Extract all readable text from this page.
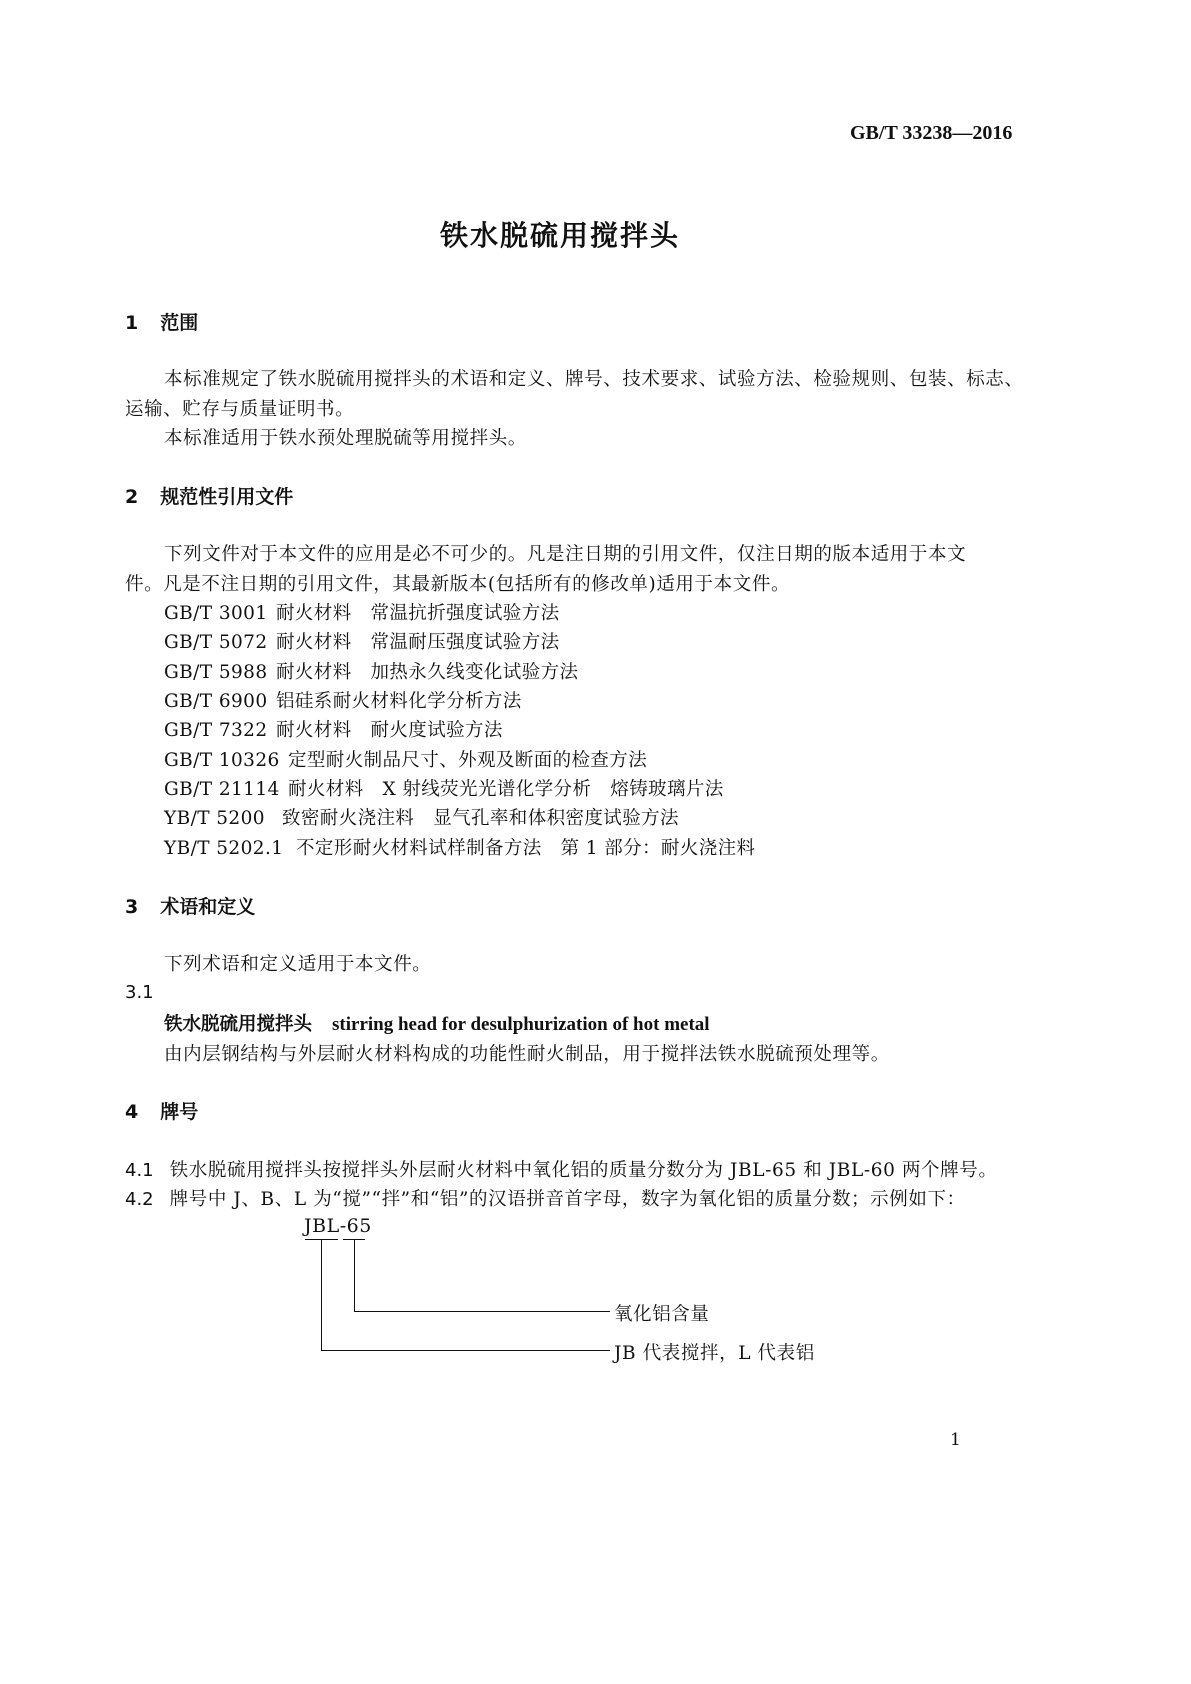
GB/T 33238—2016
铁水脱硫用搅拌头
1 范围
本标准规定了铁水脱硫用搅拌头的术语和定义、牌号、技术要求、试验方法、检验规则、包装、标志、
运输、贮存与质量证明书。
本标准适用于铁水预处理脱硫等用搅拌头。
2 规范性引用文件
下列文件对于本文件的应用是必不可少的。凡是注日期的引用文件，仅注日期的版本适用于本文
件。凡是不注日期的引用文件，其最新版本(包括所有的修改单)适用于本文件。
GB/T 3001 耐火材料　常温抗折强度试验方法
GB/T 5072 耐火材料　常温耐压强度试验方法
GB/T 5988 耐火材料　加热永久线变化试验方法
GB/T 6900 铝硅系耐火材料化学分析方法
GB/T 7322 耐火材料　耐火度试验方法
GB/T 10326 定型耐火制品尺寸、外观及断面的检查方法
GB/T 21114 耐火材料　X 射线荧光光谱化学分析　熔铸玻璃片法
YB/T 5200 致密耐火浇注料　显气孔率和体积密度试验方法
YB/T 5202.1 不定形耐火材料试样制备方法　第 1 部分：耐火浇注料
3 术语和定义
下列术语和定义适用于本文件。
3.1
铁水脱硫用搅拌头 stirring head for desulphurization of hot metal
由内层钢结构与外层耐火材料构成的功能性耐火制品，用于搅拌法铁水脱硫预处理等。
4 牌号
4.1 铁水脱硫用搅拌头按搅拌头外层耐火材料中氧化铝的质量分数分为 JBL-65 和 JBL-60 两个牌号。
4.2 牌号中 J、B、L 为“搅”“拌”和“铝”的汉语拼音首字母，数字为氧化铝的质量分数；示例如下：
JBL-65
氧化铝含量
JB 代表搅拌，L 代表铝
1
